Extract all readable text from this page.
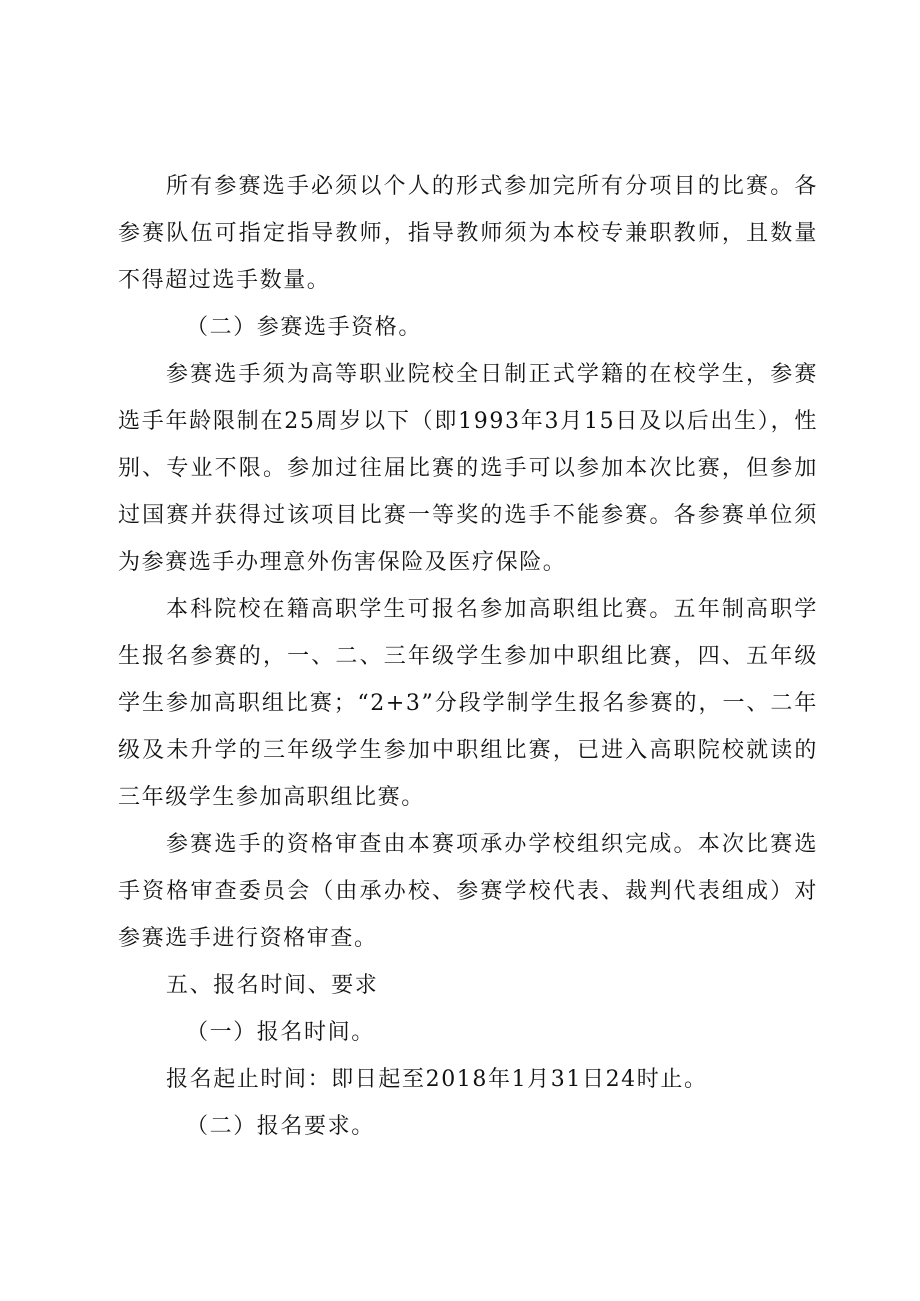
所有参赛选手必须以个人的形式参加完所有分项目的比赛。各参赛队伍可指定指导教师，指导教师须为本校专兼职教师，且数量不得超过选手数量。

（二）参赛选手资格。

参赛选手须为高等职业院校全日制正式学籍的在校学生，参赛选手年龄限制在25周岁以下（即1993年3月15日及以后出生），性别、专业不限。参加过往届比赛的选手可以参加本次比赛，但参加过国赛并获得过该项目比赛一等奖的选手不能参赛。各参赛单位须为参赛选手办理意外伤害保险及医疗保险。

本科院校在籍高职学生可报名参加高职组比赛。五年制高职学生报名参赛的，一、二、三年级学生参加中职组比赛，四、五年级学生参加高职组比赛；“2+3”分段学制学生报名参赛的，一、二年级及未升学的三年级学生参加中职组比赛，已进入高职院校就读的三年级学生参加高职组比赛。

参赛选手的资格审查由本赛项承办学校组织完成。本次比赛选手资格审查委员会（由承办校、参赛学校代表、裁判代表组成）对参赛选手进行资格审查。

五、报名时间、要求

（一）报名时间。

报名起止时间：即日起至2018年1月31日24时止。

（二）报名要求。
